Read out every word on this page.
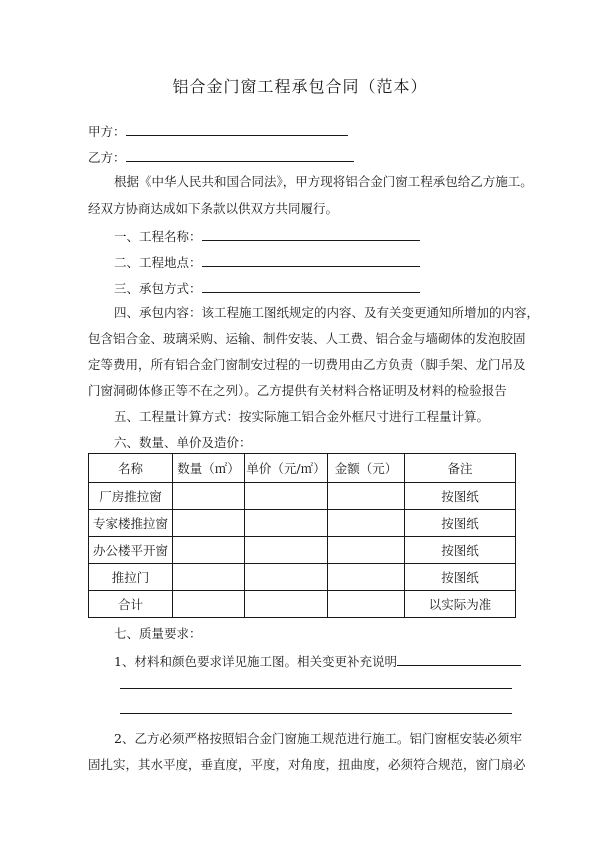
铝合金门窗工程承包合同（范本）
甲方：
乙方：
根据《中华人民共和国合同法》，甲方现将铝合金门窗工程承包给乙方施工。
经双方协商达成如下条款以供双方共同履行。
一、工程名称：
二、工程地点：
三、承包方式：
四、承包内容：该工程施工图纸规定的内容、及有关变更通知所增加的内容，
包含铝合金、玻璃采购、运输、制件安装、人工费、铝合金与墙砌体的发泡胶固
定等费用，所有铝合金门窗制安过程的一切费用由乙方负责（脚手架、龙门吊及
门窗洞砌体修正等不在之列）。乙方提供有关材料合格证明及材料的检验报告
五、工程量计算方式：按实际施工铝合金外框尺寸进行工程量计算。
六、数量、单价及造价：
名称	数量（㎡）	单价（元/㎡）	金额（元）	备注
厂房推拉窗				按图纸
专家楼推拉窗				按图纸
办公楼平开窗				按图纸
推拉门				按图纸
合计				以实际为准
七、质量要求：
1、材料和颜色要求详见施工图。相关变更补充说明
2、乙方必须严格按照铝合金门窗施工规范进行施工。铝门窗框安装必须牢
固扎实，其水平度，垂直度，平度，对角度，扭曲度，必须符合规范，窗门扇必
